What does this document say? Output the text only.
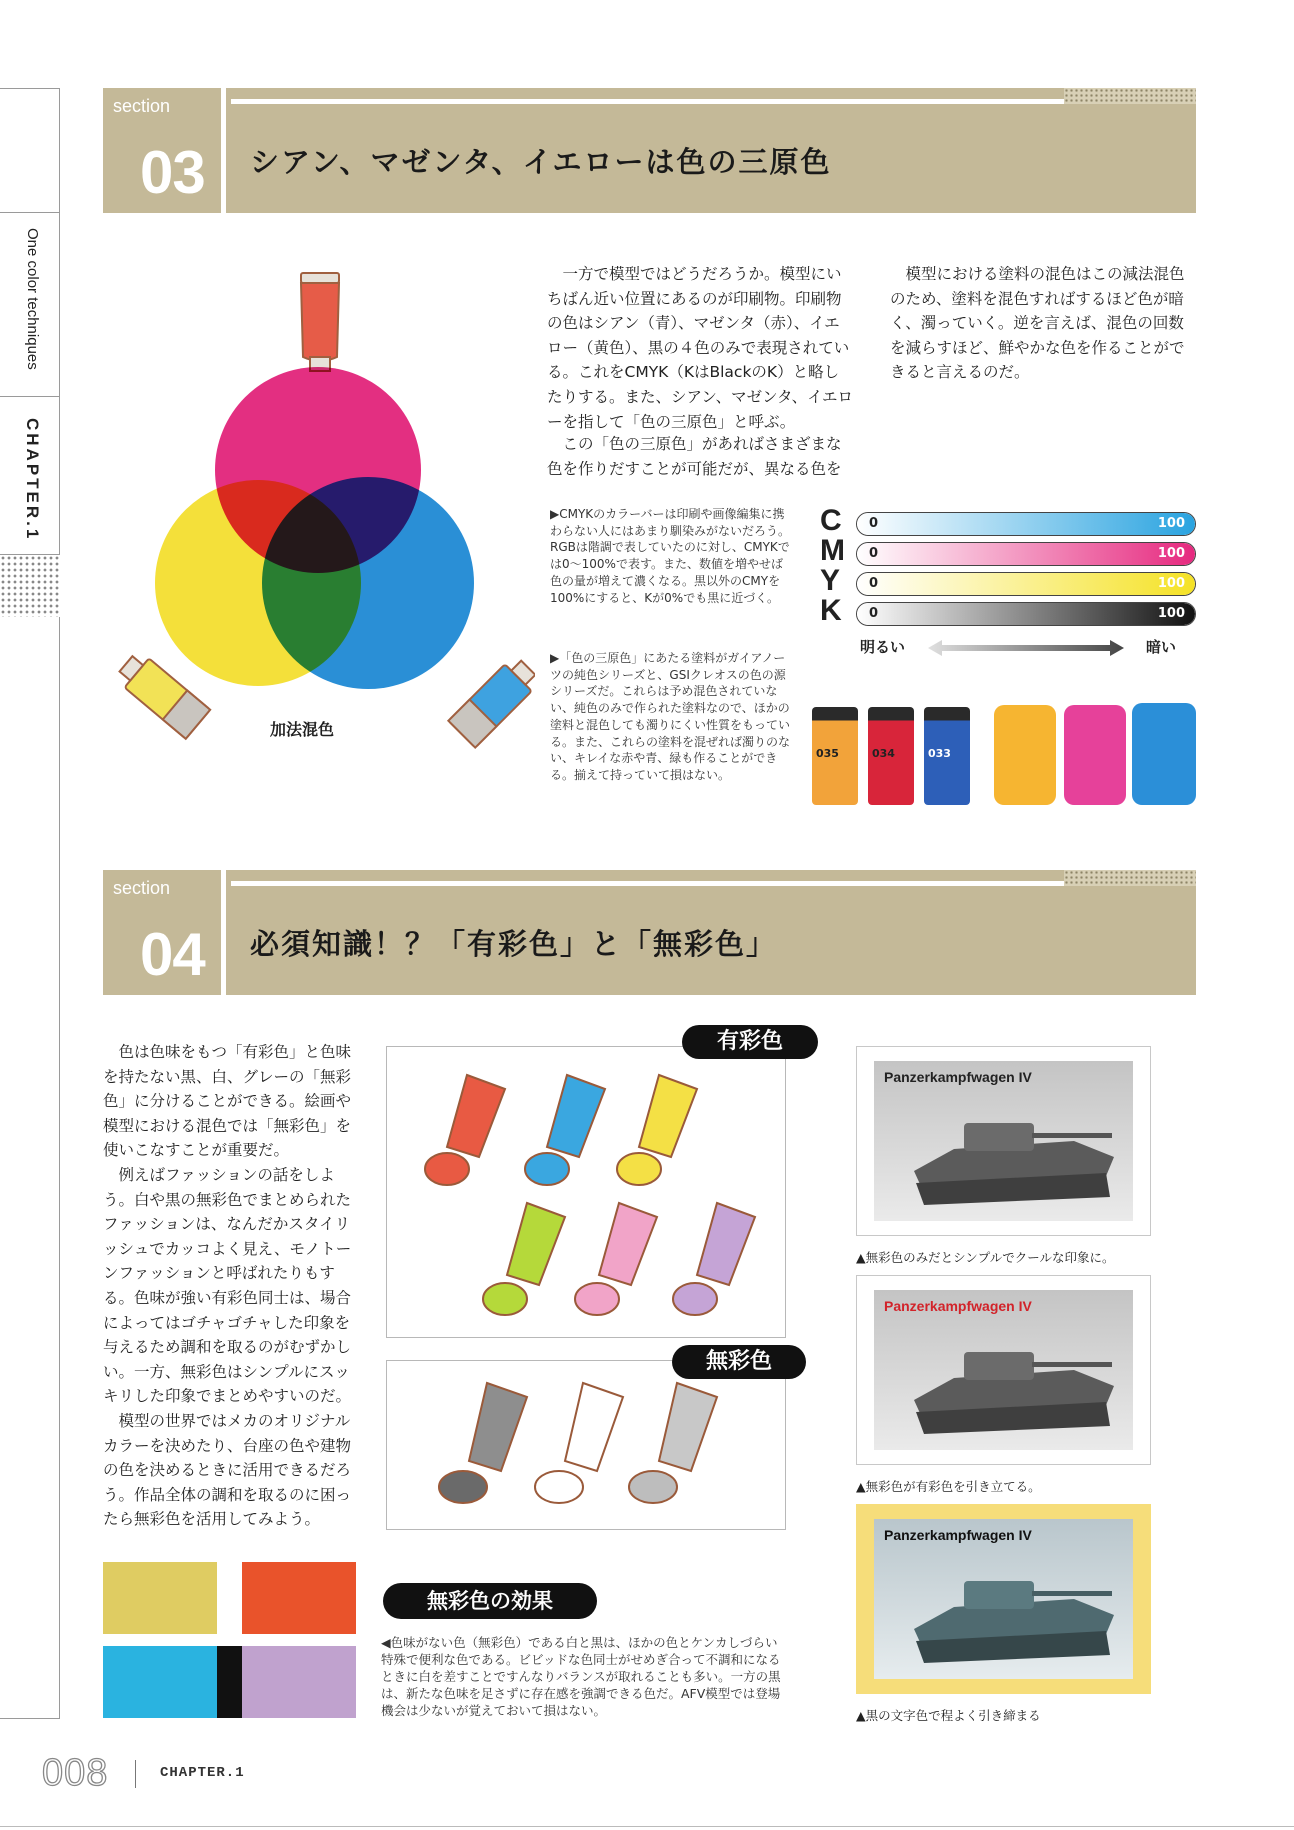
One color techniques
CHAPTER.1
section
03 シアン、マゼンタ、イエローは色の三原色
加法混色

一方で模型ではどうだろうか。模型にいちばん近い位置にあるのが印刷物。印刷物の色はシアン（青）、マゼンタ（赤）、イエロー（黄色）、黒の４色のみで表現されている。これをCMYK（KはBlackのK）と略したりする。また、シアン、マゼンタ、イエローを指して「色の三原色」と呼ぶ。

この「色の三原色」があればさまざまな色を作りだすことが可能だが、異なる色を

模型における塗料の混色はこの減法混色のため、塗料を混色すればするほど色が暗く、濁っていく。逆を言えば、混色の回数を減らすほど、鮮やかな色を作ることができると言えるのだ。

▶CMYKのカラーバーは印刷や画像編集に携わらない人にはあまり馴染みがないだろう。RGBは階調で表していたのに対し、CMYKでは0〜100%で表す。また、数値を増やせば色の量が増えて濃くなる。黒以外のCMYを100%にすると、Kが0%でも黒に近づく。
▶「色の三原色」にあたる塗料がガイアノーツの純色シリーズと、GSIクレオスの色の源シリーズだ。これらは予め混色されていない、純色のみで作られた塗料なので、ほかの塗料と混色しても濁りにくい性質をもっている。また、これらの塗料を混ぜれば濁りのない、キレイな赤や青、緑も作ることができる。揃えて持っていて損はない。
C 0	100
M 0	100
Y 0	100
K 0	100
明るい	暗い
035	034	033
section
04 必須知識！？「有彩色」と「無彩色」

色は色味をもつ「有彩色」と色味を持たない黒、白、グレーの「無彩色」に分けることができる。絵画や模型における混色では「無彩色」を使いこなすことが重要だ。

例えばファッションの話をしよう。白や黒の無彩色でまとめられたファッションは、なんだかスタイリッシュでカッコよく見え、モノトーンファッションと呼ばれたりもする。色味が強い有彩色同士は、場合によってはゴチャゴチャした印象を与えるため調和を取るのがむずかしい。一方、無彩色はシンプルにスッキリした印象でまとめやすいのだ。

模型の世界ではメカのオリジナルカラーを決めたり、台座の色や建物の色を決めるときに活用できるだろう。作品全体の調和を取るのに困ったら無彩色を活用してみよう。

有彩色
無彩色
無彩色の効果
◀色味がない色（無彩色）である白と黒は、ほかの色とケンカしづらい特殊で便利な色である。ビビッドな色同士がせめぎ合って不調和になるときに白を差すことですんなりバランスが取れることも多い。一方の黒は、新たな色味を足さずに存在感を強調できる色だ。AFV模型では登場機会は少ないが覚えておいて損はない。
Panzerkampfwagen IV
▲無彩色のみだとシンプルでクールな印象に。
Panzerkampfwagen IV
▲無彩色が有彩色を引き立てる。
Panzerkampfwagen IV
▲黒の文字色で程よく引き締まる
008	CHAPTER.1
